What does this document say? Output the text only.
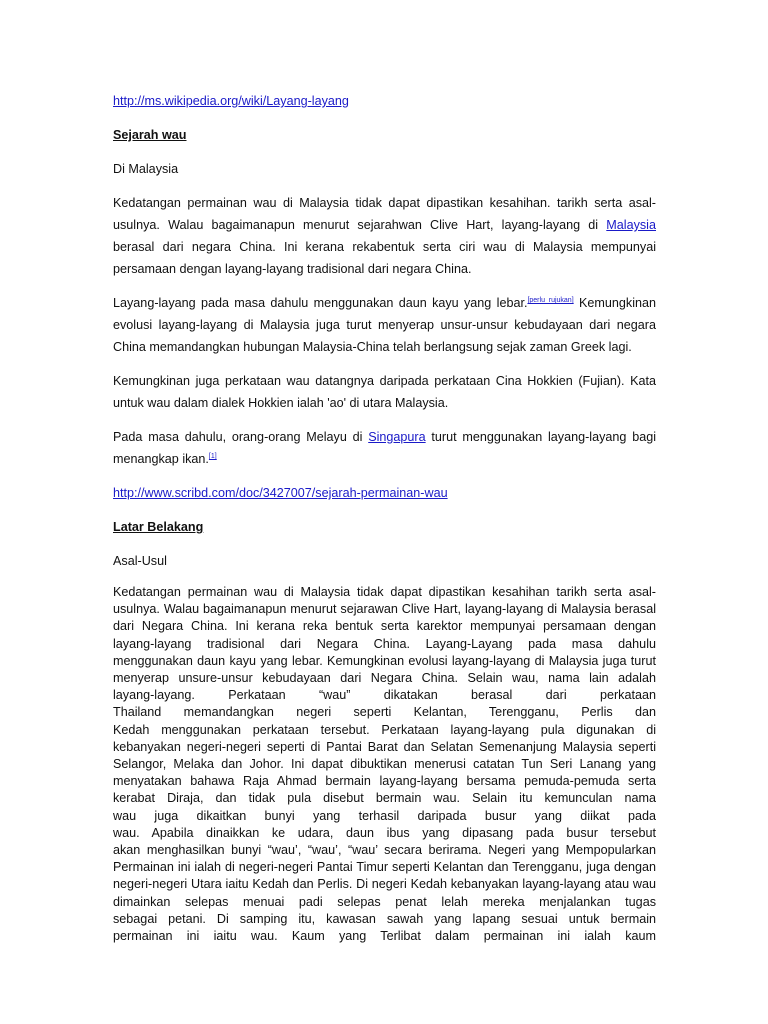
http://ms.wikipedia.org/wiki/Layang-layang
Sejarah wau
Di Malaysia
Kedatangan permainan wau di Malaysia tidak dapat dipastikan kesahihan. tarikh serta asal-
usulnya. Walau bagaimanapun menurut sejarahwan Clive Hart, layang-layang di Malaysia
berasal dari negara China. Ini kerana rekabentuk serta ciri wau di Malaysia mempunyai
persamaan dengan layang-layang tradisional dari negara China.
Layang-layang pada masa dahulu menggunakan daun kayu yang lebar.[perlu rujukan] Kemungkinan
evolusi layang-layang di Malaysia juga turut menyerap unsur-unsur kebudayaan dari negara
China memandangkan hubungan Malaysia-China telah berlangsung sejak zaman Greek lagi.
Kemungkinan juga perkataan wau datangnya daripada perkataan Cina Hokkien (Fujian). Kata
untuk wau dalam dialek Hokkien ialah 'ao' di utara Malaysia.
Pada masa dahulu, orang-orang Melayu di Singapura turut menggunakan layang-layang bagi
menangkap ikan.[1]
http://www.scribd.com/doc/3427007/sejarah-permainan-wau
Latar Belakang
Asal-Usul
Kedatangan permainan wau di Malaysia tidak dapat dipastikan kesahihan tarikh serta asal-
usulnya. Walau bagaimanapun menurut sejarawan Clive Hart, layang-layang di Malaysia berasal
dari Negara China. Ini kerana reka bentuk serta karektor mempunyai persamaan dengan
layang-layang tradisional dari Negara China. Layang-Layang pada masa dahulu
menggunakan daun kayu yang lebar. Kemungkinan evolusi layang-layang di Malaysia juga turut
menyerap unsure-unsur kebudayaan dari Negara China. Selain wau, nama lain adalah
layang-layang. Perkataan “wau” dikatakan berasal dari perkataan
Thailand memandangkan negeri seperti Kelantan, Terengganu, Perlis dan
Kedah menggunakan perkataan tersebut. Perkataan layang-layang pula digunakan di
kebanyakan negeri-negeri seperti di Pantai Barat dan Selatan Semenanjung Malaysia seperti
Selangor, Melaka dan Johor. Ini dapat dibuktikan menerusi catatan Tun Seri Lanang yang
menyatakan bahawa Raja Ahmad bermain layang-layang bersama pemuda-pemuda serta
kerabat Diraja, dan tidak pula disebut bermain wau. Selain itu kemunculan nama
wau juga dikaitkan bunyi yang terhasil daripada busur yang diikat pada
wau. Apabila dinaikkan ke udara, daun ibus yang dipasang pada busur tersebut
akan menghasilkan bunyi “wau’, “wau’, “wau’ secara berirama. Negeri yang Mempopularkan
Permainan ini ialah di negeri-negeri Pantai Timur seperti Kelantan dan Terengganu, juga dengan
negeri-negeri Utara iaitu Kedah dan Perlis. Di negeri Kedah kebanyakan layang-layang atau wau
dimainkan selepas menuai padi selepas penat lelah mereka menjalankan tugas
sebagai petani. Di samping itu, kawasan sawah yang lapang sesuai untuk bermain
permainan ini iaitu wau. Kaum yang Terlibat dalam permainan ini ialah kaum
